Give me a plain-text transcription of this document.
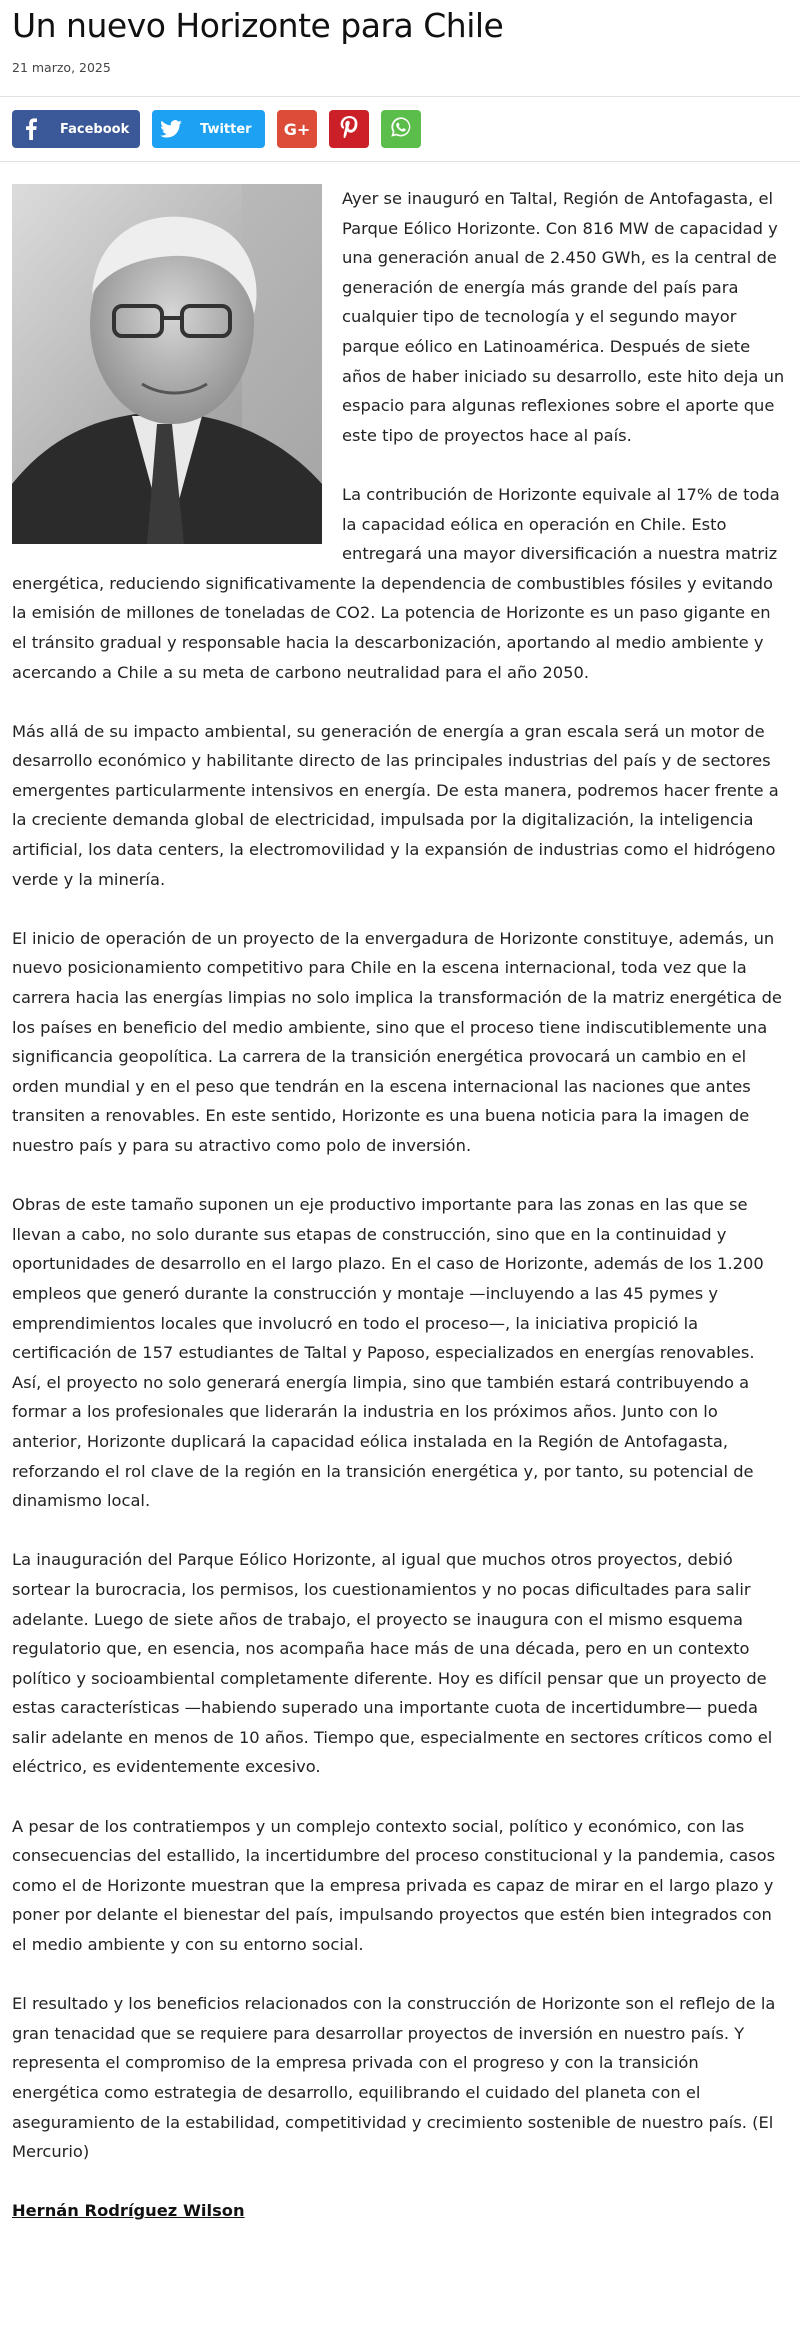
Un nuevo Horizonte para Chile
21 marzo, 2025
Facebook	Twitter G+

Ayer se inauguró en Taltal, Región de Antofagasta, el Parque Eólico Horizonte. Con 816 MW de capacidad y una generación anual de 2.450 GWh, es la central de generación de energía más grande del país para cualquier tipo de tecnología y el segundo mayor parque eólico en Latinoamérica. Después de siete años de haber iniciado su desarrollo, este hito deja un espacio para algunas reflexiones sobre el aporte que este tipo de proyectos hace al país.

La contribución de Horizonte equivale al 17% de toda la capacidad eólica en operación en Chile. Esto entregará una mayor diversificación a nuestra matriz energética, reduciendo significativamente la dependencia de combustibles fósiles y evitando la emisión de millones de toneladas de CO2. La potencia de Horizonte es un paso gigante en el tránsito gradual y responsable hacia la descarbonización, aportando al medio ambiente y acercando a Chile a su meta de carbono neutralidad para el año 2050.

Más allá de su impacto ambiental, su generación de energía a gran escala será un motor de desarrollo económico y habilitante directo de las principales industrias del país y de sectores emergentes particularmente intensivos en energía. De esta manera, podremos hacer frente a la creciente demanda global de electricidad, impulsada por la digitalización, la inteligencia artificial, los data centers, la electromovilidad y la expansión de industrias como el hidrógeno verde y la minería.

El inicio de operación de un proyecto de la envergadura de Horizonte constituye, además, un nuevo posicionamiento competitivo para Chile en la escena internacional, toda vez que la carrera hacia las energías limpias no solo implica la transformación de la matriz energética de los países en beneficio del medio ambiente, sino que el proceso tiene indiscutiblemente una significancia geopolítica. La carrera de la transición energética provocará un cambio en el orden mundial y en el peso que tendrán en la escena internacional las naciones que antes transiten a renovables. En este sentido, Horizonte es una buena noticia para la imagen de nuestro país y para su atractivo como polo de inversión.

Obras de este tamaño suponen un eje productivo importante para las zonas en las que se llevan a cabo, no solo durante sus etapas de construcción, sino que en la continuidad y oportunidades de desarrollo en el largo plazo. En el caso de Horizonte, además de los 1.200 empleos que generó durante la construcción y montaje —incluyendo a las 45 pymes y emprendimientos locales que involucró en todo el proceso—, la iniciativa propició la certificación de 157 estudiantes de Taltal y Paposo, especializados en energías renovables. Así, el proyecto no solo generará energía limpia, sino que también estará contribuyendo a formar a los profesionales que liderarán la industria en los próximos años. Junto con lo anterior, Horizonte duplicará la capacidad eólica instalada en la Región de Antofagasta, reforzando el rol clave de la región en la transición energética y, por tanto, su potencial de dinamismo local.

La inauguración del Parque Eólico Horizonte, al igual que muchos otros proyectos, debió sortear la burocracia, los permisos, los cuestionamientos y no pocas dificultades para salir adelante. Luego de siete años de trabajo, el proyecto se inaugura con el mismo esquema regulatorio que, en esencia, nos acompaña hace más de una década, pero en un contexto político y socioambiental completamente diferente. Hoy es difícil pensar que un proyecto de estas características —habiendo superado una importante cuota de incertidumbre— pueda salir adelante en menos de 10 años. Tiempo que, especialmente en sectores críticos como el eléctrico, es evidentemente excesivo.

A pesar de los contratiempos y un complejo contexto social, político y económico, con las consecuencias del estallido, la incertidumbre del proceso constitucional y la pandemia, casos como el de Horizonte muestran que la empresa privada es capaz de mirar en el largo plazo y poner por delante el bienestar del país, impulsando proyectos que estén bien integrados con el medio ambiente y con su entorno social.

El resultado y los beneficios relacionados con la construcción de Horizonte son el reflejo de la gran tenacidad que se requiere para desarrollar proyectos de inversión en nuestro país. Y representa el compromiso de la empresa privada con el progreso y con la transición energética como estrategia de desarrollo, equilibrando el cuidado del planeta con el aseguramiento de la estabilidad, competitividad y crecimiento sostenible de nuestro país. (El Mercurio)

Hernán Rodríguez Wilson
